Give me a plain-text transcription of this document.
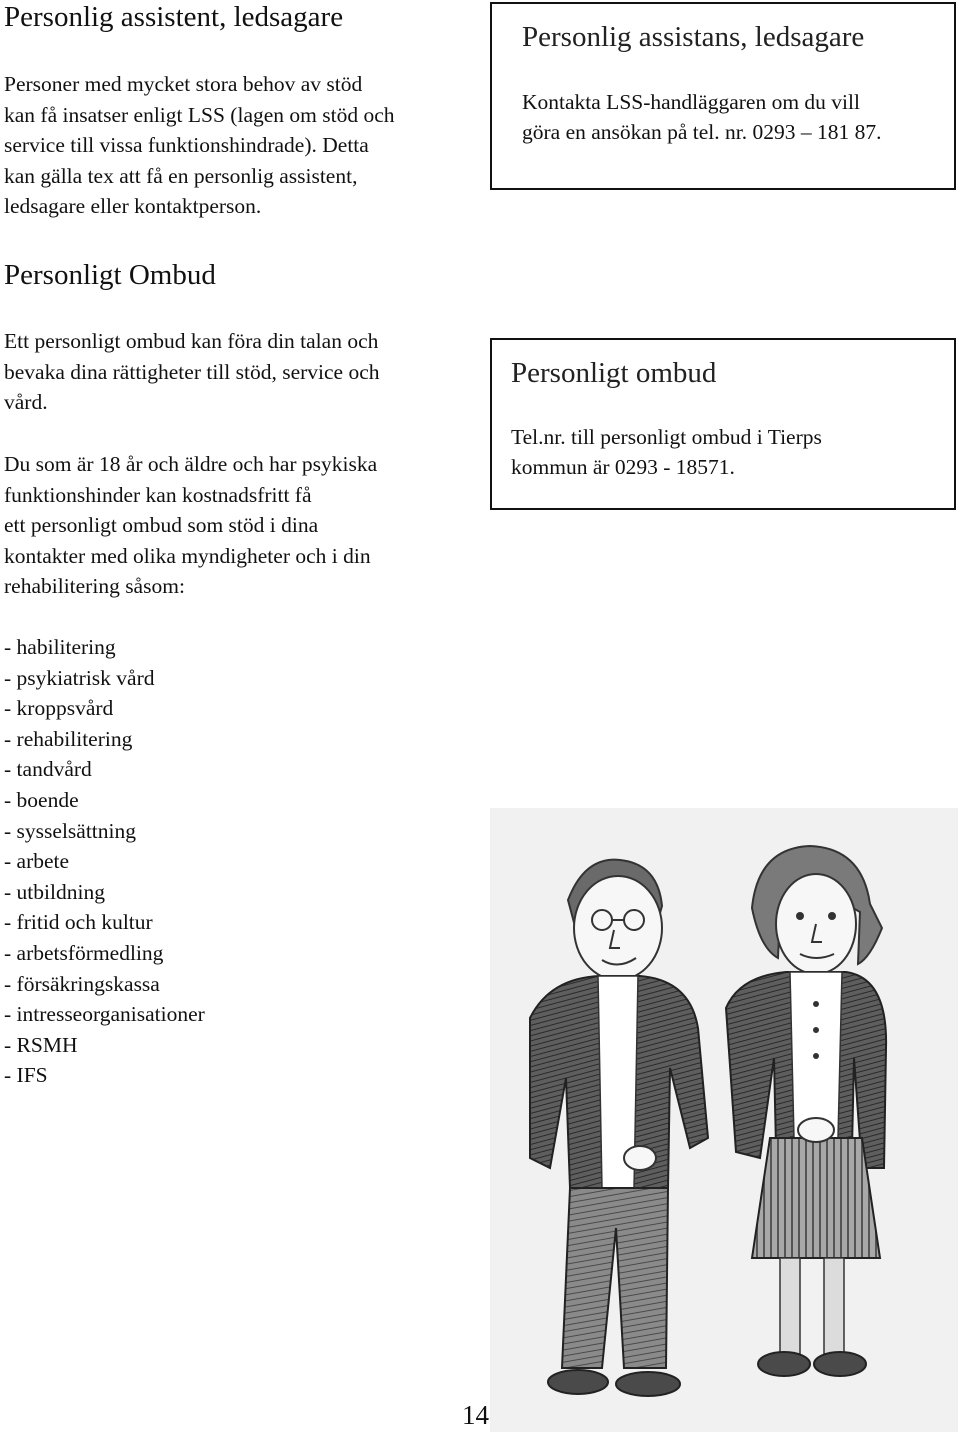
Personlig assistent, ledsagare
Personer med mycket stora behov av stöd
kan få insatser enligt LSS (lagen om stöd och
service till vissa funktionshindrade). Detta
kan gälla tex att få en personlig assistent,
ledsagare eller kontaktperson.
Personlig assistans, ledsagare
Kontakta LSS-handläggaren om du vill
göra en ansökan på tel. nr. 0293 – 181 87.
Personligt Ombud
Ett personligt ombud kan föra din talan och
bevaka dina rättigheter till stöd, service och
vård.
Du som är 18 år och äldre och har psykiska
funktionshinder kan kostnadsfritt få
ett personligt ombud som stöd i dina
kontakter med olika myndigheter och i din
rehabilitering såsom:
Personligt ombud
Tel.nr. till personligt ombud i Tierps
kommun är 0293 - 18571.
- habilitering
- psykiatrisk vård
- kroppsvård
- rehabilitering
- tandvård
- boende
- sysselsättning
- arbete
- utbildning
- fritid och kultur
- arbetsförmedling
- försäkringskassa
- intresseorganisationer
- RSMH
- IFS
14
